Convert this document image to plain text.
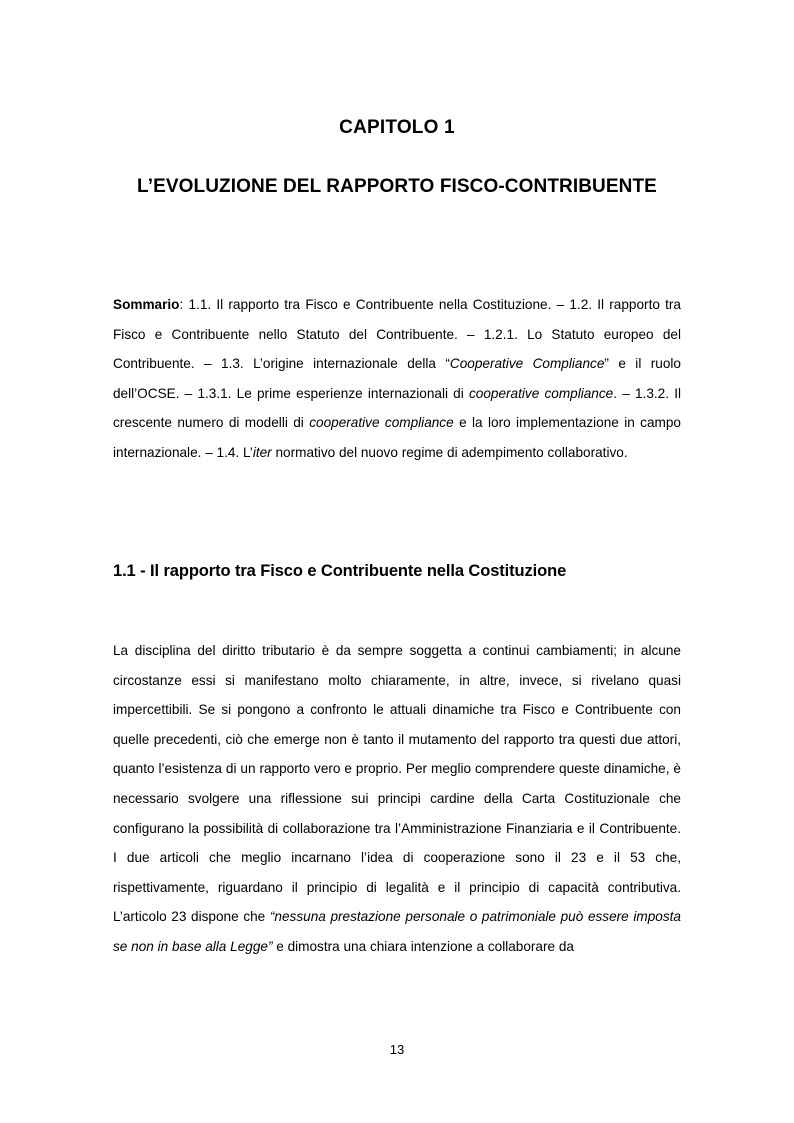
CAPITOLO 1
L’EVOLUZIONE DEL RAPPORTO FISCO-CONTRIBUENTE
Sommario: 1.1. Il rapporto tra Fisco e Contribuente nella Costituzione. – 1.2. Il rapporto tra Fisco e Contribuente nello Statuto del Contribuente. – 1.2.1. Lo Statuto europeo del Contribuente. – 1.3. L’origine internazionale della “Cooperative Compliance” e il ruolo dell’OCSE. – 1.3.1. Le prime esperienze internazionali di cooperative compliance. – 1.3.2. Il crescente numero di modelli di cooperative compliance e la loro implementazione in campo internazionale. – 1.4. L’iter normativo del nuovo regime di adempimento collaborativo.
1.1 - Il rapporto tra Fisco e Contribuente nella Costituzione
La disciplina del diritto tributario è da sempre soggetta a continui cambiamenti; in alcune circostanze essi si manifestano molto chiaramente, in altre, invece, si rivelano quasi impercettibili. Se si pongono a confronto le attuali dinamiche tra Fisco e Contribuente con quelle precedenti, ciò che emerge non è tanto il mutamento del rapporto tra questi due attori, quanto l’esistenza di un rapporto vero e proprio. Per meglio comprendere queste dinamiche, è necessario svolgere una riflessione sui principi cardine della Carta Costituzionale che configurano la possibilità di collaborazione tra l’Amministrazione Finanziaria e il Contribuente. I due articoli che meglio incarnano l’idea di cooperazione sono il 23 e il 53 che, rispettivamente, riguardano il principio di legalità e il principio di capacità contributiva. L’articolo 23 dispone che “nessuna prestazione personale o patrimoniale può essere imposta se non in base alla Legge” e dimostra una chiara intenzione a collaborare da
13
